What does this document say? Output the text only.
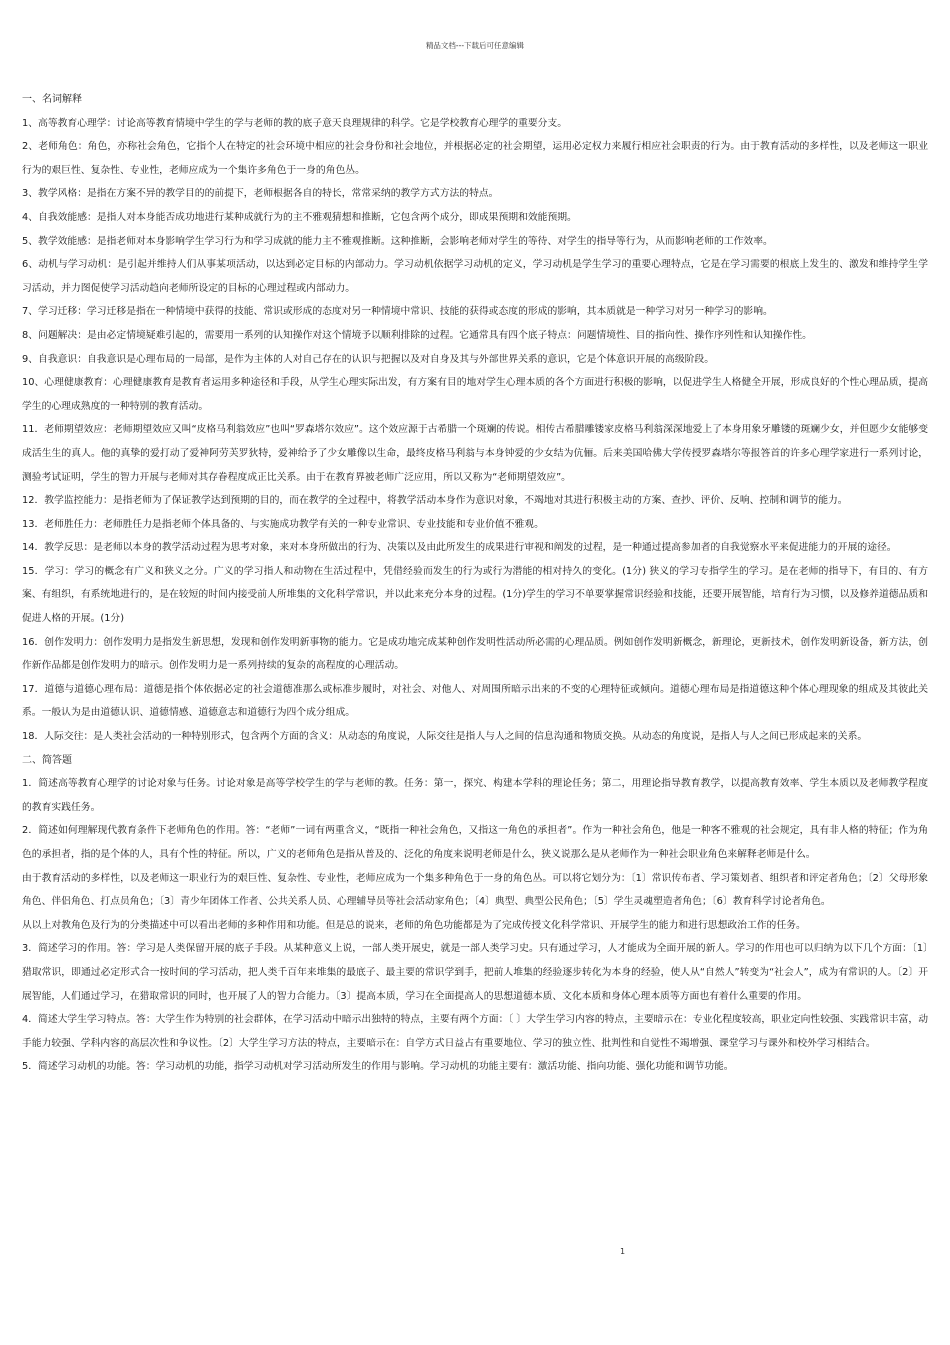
精品文档---下载后可任意编辑
一、名词解释
1、高等教育心理学：讨论高等教育情境中学生的学与老师的教的底子意天良理规律的科学。它是学校教育心理学的重要分支。
2、老师角色：角色，亦称社会角色，它指个人在特定的社会环境中相应的社会身份和社会地位，并根据必定的社会期望，运用必定权力来履行相应社会职责的行为。由于教育活动的多样性，以及老师这一职业行为的艰巨性、复杂性、专业性，老师应成为一个集许多角色于一身的角色丛。
3、教学风格：是指在方案不异的教学目的的前提下，老师根据各自的特长，常常采纳的教学方式方法的特点。
4、自我效能感：是指人对本身能否成功地进行某种成就行为的主不雅观猜想和推断，它包含两个成分，即成果预期和效能预期。
5、教学效能感：是指老师对本身影响学生学习行为和学习成就的能力主不雅观推断。这种推断，会影响老师对学生的等待、对学生的指导等行为，从而影响老师的工作效率。
6、动机与学习动机：是引起并维持人们从事某项活动，以达到必定目标的内部动力。学习动机依据学习动机的定义，学习动机是学生学习的重要心理特点，它是在学习需要的根底上发生的、激发和维持学生学习活动，并力图促使学习活动趋向老师所设定的目标的心理过程或内部动力。
7、学习迁移：学习迁移是指在一种情境中获得的技能、常识或形成的态度对另一种情境中常识、技能的获得或态度的形成的影响，其本质就是一种学习对另一种学习的影响。
8、问题解决：是由必定情境疑难引起的，需要用一系列的认知操作对这个情境予以顺利排除的过程。它通常具有四个底子特点：问题情境性、目的指向性、操作序列性和认知操作性。
9、自我意识：自我意识是心理布局的一局部，是作为主体的人对自己存在的认识与把握以及对自身及其与外部世界关系的意识，它是个体意识开展的高级阶段。
10、心理健康教育：心理健康教育是教育者运用多种途径和手段，从学生心理实际出发，有方案有目的地对学生心理本质的各个方面进行积极的影响，以促进学生人格健全开展，形成良好的个性心理品质，提高学生的心理成熟度的一种特别的教育活动。
11．老师期望效应：老师期望效应又叫“皮格马利翁效应”也叫“罗森塔尔效应”。这个效应源于古希腊一个斑斓的传说。相传古希腊雕镂家皮格马利翁深深地爱上了本身用象牙雕镂的斑斓少女，并但愿少女能够变成活生生的真人。他的真挚的爱打动了爱神阿劳芙罗狄特，爱神给予了少女雕像以生命，最终皮格马利翁与本身钟爱的少女结为伉俪。后来美国哈佛大学传授罗森塔尔等报答首的许多心理学家进行一系列讨论，测验考试证明，学生的智力开展与老师对其存眷程度成正比关系。由于在教育界被老师广泛应用，所以又称为“老师期望效应”。
12．教学监控能力：是指老师为了保证教学达到预期的目的，而在教学的全过程中，将教学活动本身作为意识对象，不竭地对其进行积极主动的方案、查抄、评价、反响、控制和调节的能力。
13．老师胜任力：老师胜任力是指老师个体具备的、与实施成功教学有关的一种专业常识、专业技能和专业价值不雅观。
14．教学反思：是老师以本身的教学活动过程为思考对象，来对本身所做出的行为、决策以及由此所发生的成果进行审视和阐发的过程，是一种通过提高参加者的自我觉察水平来促进能力的开展的途径。
15．学习：学习的概念有广义和狭义之分。广义的学习指人和动物在生活过程中，凭借经验而发生的行为或行为潜能的相对持久的变化。(1分) 狭义的学习专指学生的学习。是在老师的指导下，有目的、有方案、有组织，有系统地进行的，是在较短的时间内接受前人所堆集的文化科学常识，并以此来充分本身的过程。(1分)学生的学习不单要掌握常识经验和技能，还要开展智能，培育行为习惯，以及修养道德品质和促进人格的开展。(1分)
16．创作发明力：创作发明力是指发生新思想，发现和创作发明新事物的能力。它是成功地完成某种创作发明性活动所必需的心理品质。例如创作发明新概念，新理论，更新技术，创作发明新设备，新方法，创作新作品都是创作发明力的暗示。创作发明力是一系列持续的复杂的高程度的心理活动。
17．道德与道德心理布局：道德是指个体依据必定的社会道德准那么或标准步履时，对社会、对他人、对周围所暗示出来的不变的心理特征或倾向。道德心理布局是指道德这种个体心理现象的组成及其彼此关系。一般认为是由道德认识、道德情感、道德意志和道德行为四个成分组成。
18．人际交往：是人类社会活动的一种特别形式，包含两个方面的含义：从动态的角度说，人际交往是指人与人之间的信息沟通和物质交换。从动态的角度说，是指人与人之间已形成起来的关系。
二、简答题
1．简述高等教育心理学的讨论对象与任务。讨论对象是高等学校学生的学与老师的教。任务：第一，探究、构建本学科的理论任务；第二，用理论指导教育教学，以提高教育效率、学生本质以及老师教学程度的教育实践任务。
2．简述如何理解现代教育条件下老师角色的作用。答：“老师”一词有两重含义，“既指一种社会角色，又指这一角色的承担者”。作为一种社会角色，他是一种客不雅观的社会规定，具有非人格的特征；作为角色的承担者，指的是个体的人，具有个性的特征。所以，广义的老师角色是指从普及的、泛化的角度来说明老师是什么，狭义说那么是从老师作为一种社会职业角色来解释老师是什么。
由于教育活动的多样性，以及老师这一职业行为的艰巨性、复杂性、专业性，老师应成为一个集多种角色于一身的角色丛。可以将它划分为：〔1〕常识传布者、学习策划者、组织者和评定者角色；〔2〕父母形象角色、伴侣角色、打点员角色；〔3〕青少年团体工作者、公共关系人员、心理辅导员等社会活动家角色；〔4〕典型、典型公民角色；〔5〕学生灵魂塑造者角色；〔6〕教育科学讨论者角色。
从以上对教角色及行为的分类描述中可以看出老师的多种作用和功能。但是总的说来，老师的角色功能都是为了完成传授文化科学常识、开展学生的能力和进行思想政治工作的任务。
3．简述学习的作用。答：学习是人类保留开展的底子手段。从某种意义上说，一部人类开展史，就是一部人类学习史。只有通过学习，人才能成为全面开展的新人。学习的作用也可以归纳为以下几个方面：〔1〕猎取常识，即通过必定形式合一按时间的学习活动，把人类千百年来堆集的最底子、最主要的常识学到手，把前人堆集的经验逐步转化为本身的经验，使人从“自然人”转变为“社会人”，成为有常识的人。〔2〕开展智能，人们通过学习，在猎取常识的同时，也开展了人的智力合能力。〔3〕提高本质，学习在全面提高人的思想道德本质、文化本质和身体心理本质等方面也有着什么重要的作用。
4．简述大学生学习特点。答：大学生作为特别的社会群体，在学习活动中暗示出独特的特点，主要有两个方面：〔 〕大学生学习内容的特点，主要暗示在：专业化程度较高，职业定向性较强、实践常识丰富，动手能力较强、学科内容的高层次性和争议性。〔2〕大学生学习方法的特点，主要暗示在：自学方式日益占有重要地位、学习的独立性、批判性和自觉性不竭增强、课堂学习与课外和校外学习相结合。
5．简述学习动机的功能。答：学习动机的功能，指学习动机对学习活动所发生的作用与影响。学习动机的功能主要有：激活功能、指向功能、强化功能和调节功能。
1
